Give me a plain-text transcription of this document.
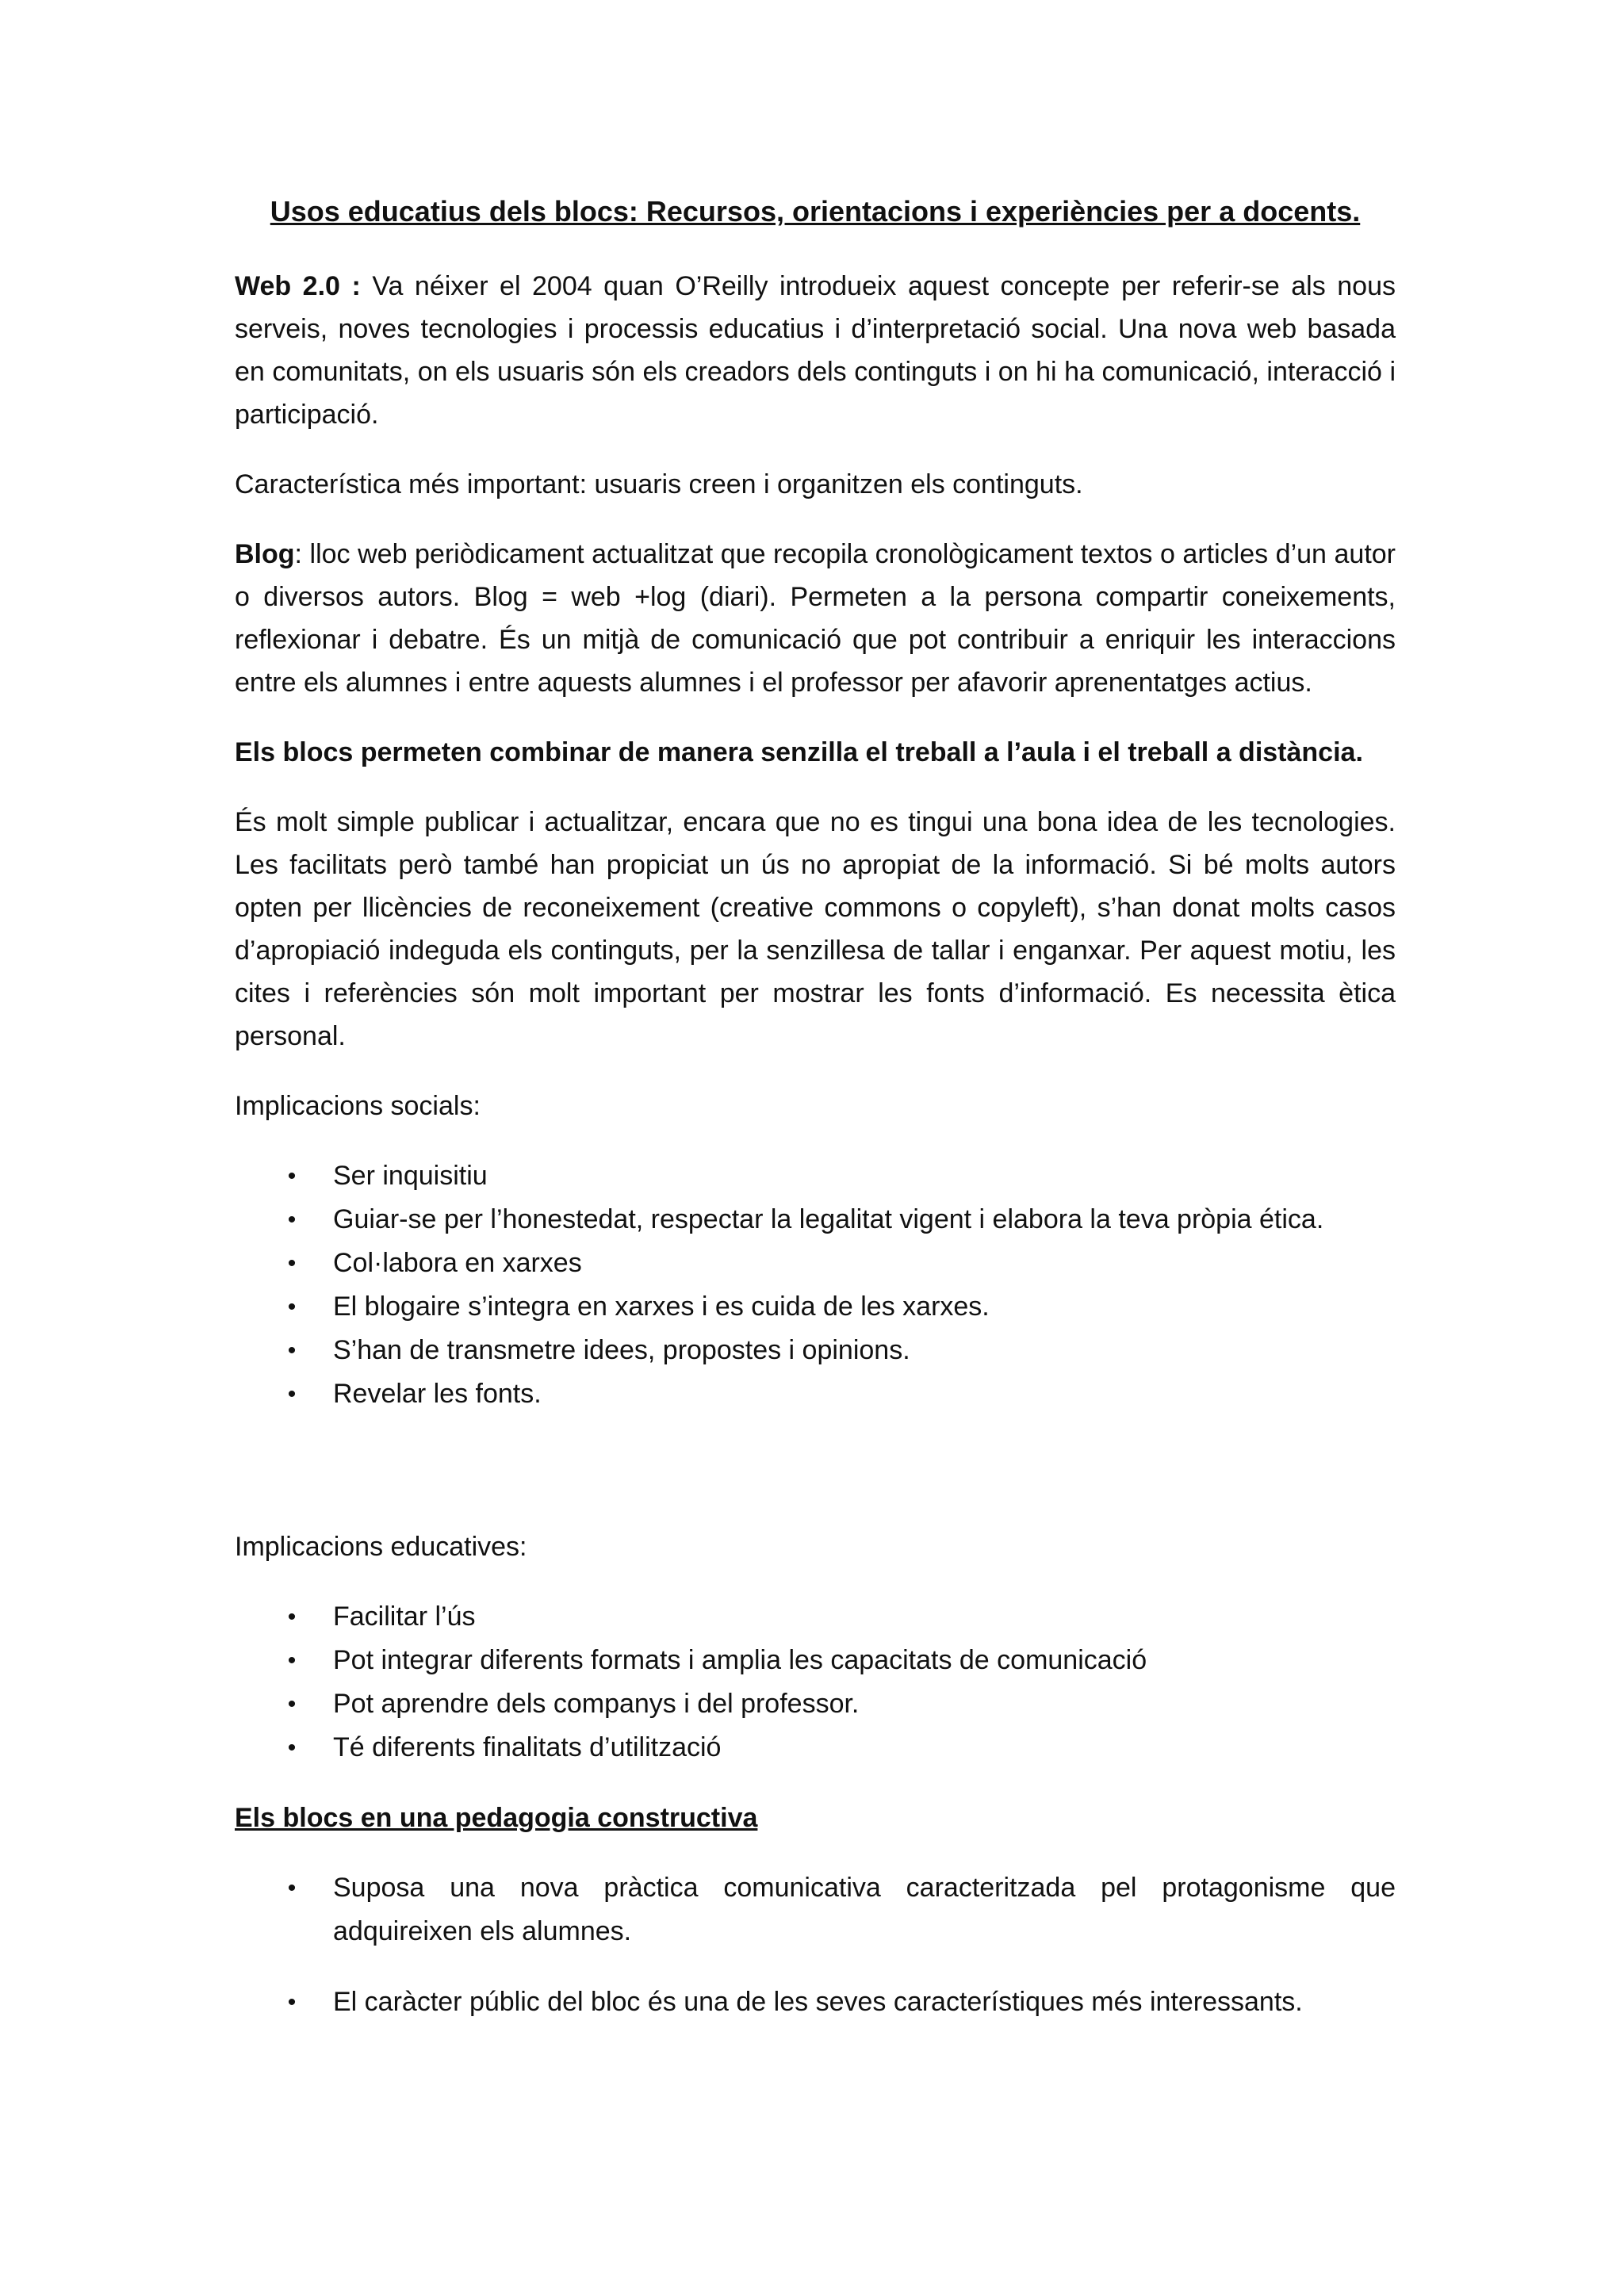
Usos educatius dels blocs: Recursos, orientacions i experiències per a docents.

Web 2.0 : Va néixer el 2004 quan O’Reilly introdueix aquest concepte per referir-se als nous serveis, noves tecnologies i processis educatius i d’interpretació social. Una nova web basada en comunitats, on els usuaris són els creadors dels continguts i on hi ha comunicació, interacció i participació.

Característica més important: usuaris creen i organitzen els continguts.

Blog: lloc web periòdicament actualitzat que recopila cronològicament textos o articles d’un autor o diversos autors. Blog = web +log (diari). Permeten a la persona compartir coneixements, reflexionar i debatre. És un mitjà de comunicació que pot contribuir a enriquir les interaccions entre els alumnes i entre aquests alumnes i el professor per afavorir aprenentatges actius.

Els blocs permeten combinar de manera senzilla el treball a l’aula i el treball a distància.

És molt simple publicar i actualitzar, encara que no es tingui una bona idea de les tecnologies. Les facilitats però també han propiciat un ús no apropiat de la informació. Si bé molts autors opten per llicències de reconeixement (creative commons o copyleft), s’han donat molts casos d’apropiació indeguda els continguts, per la senzillesa de tallar i enganxar. Per aquest motiu, les cites i referències són molt important per mostrar les fonts d’informació. Es necessita ètica personal.

Implicacions socials:
• Ser inquisitiu
• Guiar-se per l’honestedat, respectar la legalitat vigent i elabora la teva pròpia ética.
• Col·labora en xarxes
• El blogaire s’integra en xarxes i es cuida de les xarxes.
• S’han de transmetre idees, propostes i opinions.
• Revelar les fonts.
Implicacions educatives:
• Facilitar l’ús
• Pot integrar diferents formats i amplia les capacitats de comunicació
• Pot aprendre dels companys i del professor.
• Té diferents finalitats d’utilització
Els blocs en una pedagogia constructiva
• Suposa una nova pràctica comunicativa caracteritzada pel protagonisme que adquireixen els alumnes.
• El caràcter públic del bloc és una de les seves característiques més interessants.
